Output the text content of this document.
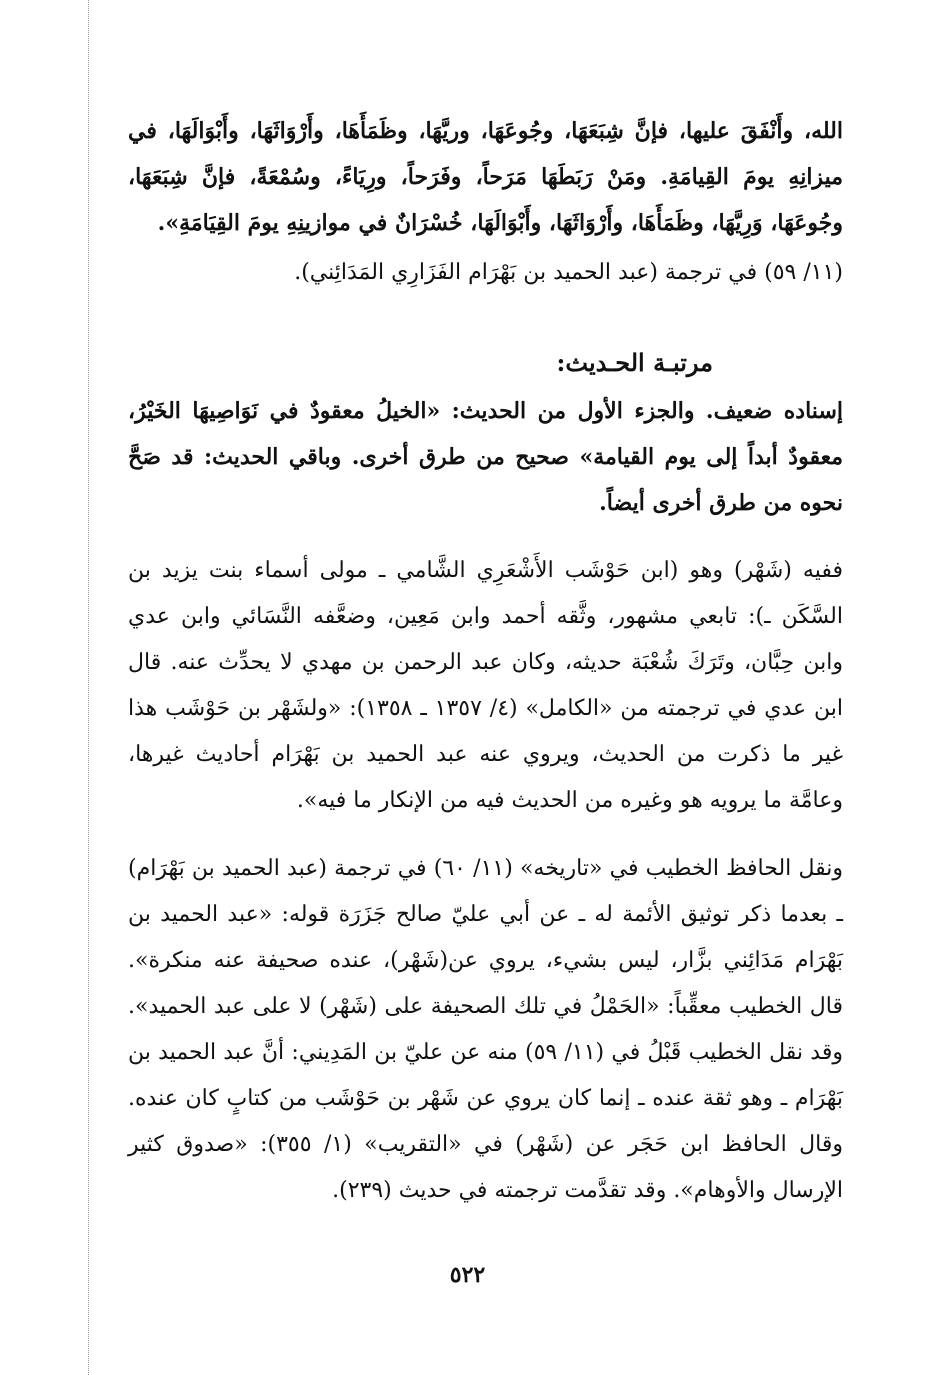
الله، وأَنْفَقَ عليها، فإنَّ شِبَعَهَا، وجُوعَهَا، وريَّهَا، وظَمَأَهَا، وأَرْوَاثَهَا، وأَبْوَالَهَا، في ميزانِهِ يومَ القِيامَةِ. ومَنْ رَبَطَهَا مَرَحاً، وفَرَحاً، ورِيَاءً، وسُمْعَةً، فإنَّ شِبَعَهَا، وجُوعَهَا، وَرِيَّهَا، وظَمَأَهَا، وأَرْوَاثَهَا، وأَبْوَالَهَا، خُسْرَانٌ في موازينِهِ يومَ القِيَامَةِ».

(١١/ ٥٩) في ترجمة (عبد الحميد بن بَهْرَام الفَزَارِي المَدَائِني).

مرتبـة الحـديث:

إسناده ضعيف. والجزء الأول من الحديث: «الخيلُ معقودٌ في نَوَاصِيهَا الخَيْرُ، معقودٌ أبداً إلى يوم القيامة» صحيح من طرق أخرى. وباقي الحديث: قد صَحَّ نحوه من طرق أخرى أيضاً.

ففيه (شَهْر) وهو (ابن حَوْشَب الأَشْعَرِي الشَّامي ـ مولى أسماء بنت يزيد بن السَّكَن ـ): تابعي مشهور، وثَّقه أحمد وابن مَعِين، وضعَّفه النَّسَائي وابن عدي وابن حِبَّان، وتَرَكَ شُعْبَة حديثه، وكان عبد الرحمن بن مهدي لا يحدِّث عنه. قال ابن عدي في ترجمته من «الكامل» (٤/ ١٣٥٧ ـ ١٣٥٨): «ولشَهْر بن حَوْشَب هذا غير ما ذكرت من الحديث، ويروي عنه عبد الحميد بن بَهْرَام أحاديث غيرها، وعامَّة ما يرويه هو وغيره من الحديث فيه من الإنكار ما فيه».

ونقل الحافظ الخطيب في «تاريخه» (١١/ ٦٠) في ترجمة (عبد الحميد بن بَهْرَام) ـ بعدما ذكر توثيق الأئمة له ـ عن أبي عليّ صالح جَزَرَة قوله: «عبد الحميد بن بَهْرَام مَدَائِني بزَّار، ليس بشيء، يروي عن(شَهْر)، عنده صحيفة عنه منكرة». قال الخطيب معقِّباً: «الحَمْلُ في تلك الصحيفة على (شَهْر) لا على عبد الحميد». وقد نقل الخطيب قَبْلُ في (١١/ ٥٩) منه عن عليّ بن المَدِيني: أنَّ عبد الحميد بن بَهْرَام ـ وهو ثقة عنده ـ إنما كان يروي عن شَهْر بن حَوْشَب من كتابٍ كان عنده. وقال الحافظ ابن حَجَر عن (شَهْر) في «التقريب» (١/ ٣٥٥): «صدوق كثير الإرسال والأوهام». وقد تقدَّمت ترجمته في حديث (٢٣٩).

٥٢٢
